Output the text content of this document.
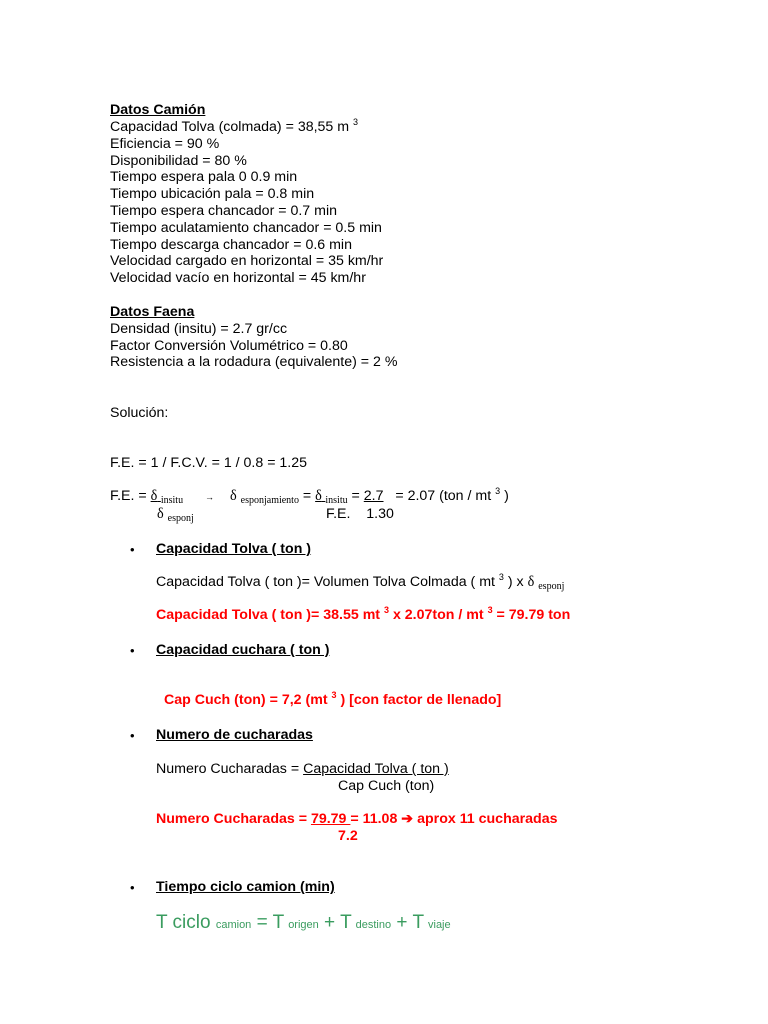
Datos Camión
Capacidad Tolva (colmada) = 38,55 m $^3$
Eficiencia = 90 %
Disponibilidad = 80 %
Tiempo espera pala 0 0.9 min
Tiempo ubicación pala = 0.8 min
Tiempo espera chancador = 0.7 min
Tiempo aculatamiento chancador = 0.5 min
Tiempo descarga chancador = 0.6 min
Velocidad cargado en horizontal = 35 km/hr
Velocidad vacío en horizontal = 45 km/hr
Datos Faena
Densidad (insitu) = 2.7 gr/cc
Factor Conversión Volumétrico = 0.80
Resistencia a la rodadura (equivalente) = 2 %
Solución:
F.E. = 1 / F.C.V. = 1 / 0.8 = 1.25
F.E. = δ $_{insitu}$ → δ $_{esponjamiento}$ = δ $_{insitu}$ = 2.7 = 2.07 (ton / mt $^3$ )
δ $_{esponj}$	F.E. 1.30
• Capacidad Tolva ( ton )
Capacidad Tolva ( ton )= Volumen Tolva Colmada ( mt $^3$ ) x δ $_{esponj}$
Capacidad Tolva ( ton )= 38.55 mt $^3$ x 2.07ton / mt $^3$ = 79.79 ton
• Capacidad cuchara ( ton )
Cap Cuch (ton) = 7,2 (mt $^3$ ) [con factor de llenado]
• Numero de cucharadas
Numero Cucharadas = Capacidad Tolva ( ton )
Cap Cuch (ton)
Numero Cucharadas = 79.79 = 11.08 ➔ aprox 11 cucharadas
7.2
• Tiempo ciclo camion (min)
T ciclo camion = T origen + T destino + T viaje
